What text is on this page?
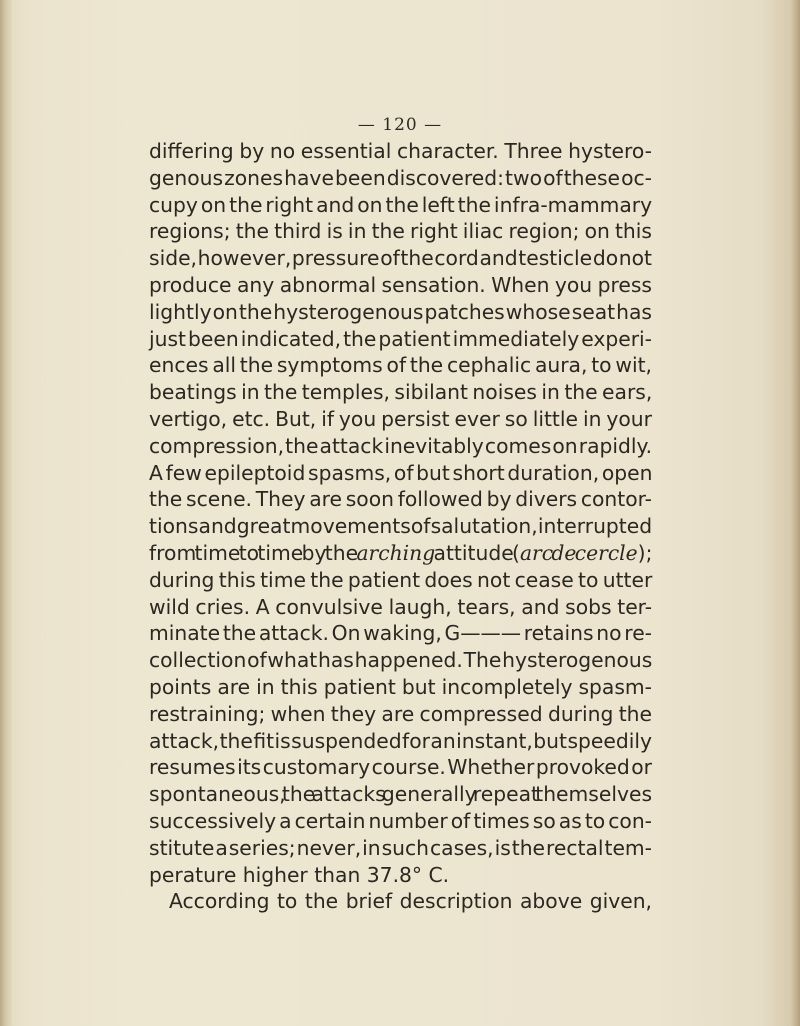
— 120 —
differing by no essential character. Three hystero-
genous zones have been discovered: two of these oc-
cupy on the right and on the left the infra-mammary
regions; the third is in the right iliac region; on this
side, however, pressure of the cord and testicle do not
produce any abnormal sensation. When you press
lightly on the hysterogenous patches whose seat has
just been indicated, the patient immediately experi-
ences all the symptoms of the cephalic aura, to wit,
beatings in the temples, sibilant noises in the ears,
vertigo, etc. But, if you persist ever so little in your
compression, the attack inevitably comes on rapidly.
A few epileptoid spasms, of but short duration, open
the scene. They are soon followed by divers contor-
tions and great movements of salutation, interrupted
from time to time by the arching attitude (arc de cercle);
during this time the patient does not cease to utter
wild cries. A convulsive laugh, tears, and sobs ter-
minate the attack. On waking, G——— retains no re-
collection of what has happened. The hysterogenous
points are in this patient but incompletely spasm-
restraining; when they are compressed during the
attack, the fit is suspended for an instant, but speedily
resumes its customary course. Whether provoked or
spontaneous, the attacks generally repeat themselves
successively a certain number of times so as to con-
stitute a series; never, in such cases, is the rectal tem-
perature higher than 37.8° C.
According to the brief description above given,
